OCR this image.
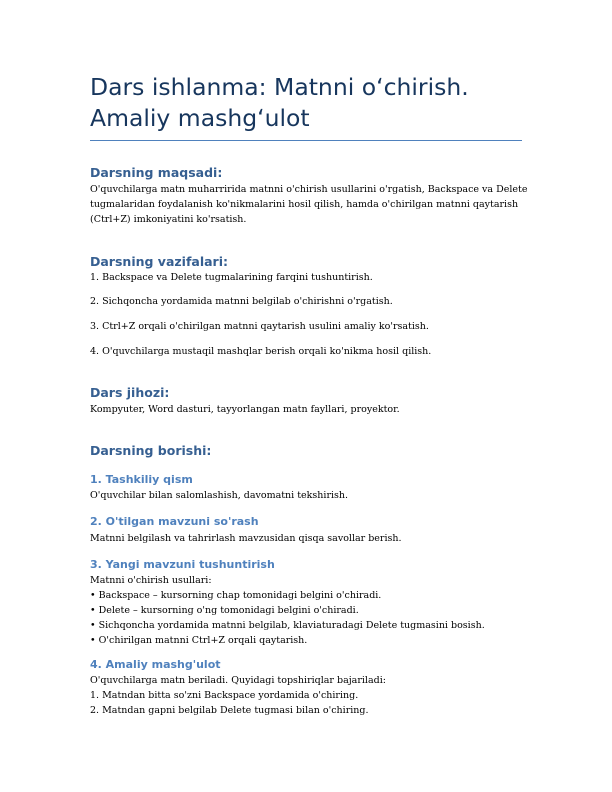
Dars ishlanma: Matnni oʻchirish. Amaliy mashgʻulot
Darsning maqsadi:
O'quvchilarga matn muharririda matnni o'chirish usullarini o'rgatish, Backspace va Delete
tugmalaridan foydalanish ko'nikmalarini hosil qilish, hamda o'chirilgan matnni qaytarish
(Ctrl+Z) imkoniyatini ko'rsatish.
Darsning vazifalari:
1. Backspace va Delete tugmalarining farqini tushuntirish.
2. Sichqoncha yordamida matnni belgilab o'chirishni o'rgatish.
3. Ctrl+Z orqali o'chirilgan matnni qaytarish usulini amaliy ko'rsatish.
4. O'quvchilarga mustaqil mashqlar berish orqali ko'nikma hosil qilish.
Dars jihozi:
Kompyuter, Word dasturi, tayyorlangan matn fayllari, proyektor.
Darsning borishi:
1. Tashkiliy qism
O'quvchilar bilan salomlashish, davomatni tekshirish.
2. O'tilgan mavzuni so'rash
Matnni belgilash va tahrirlash mavzusidan qisqa savollar berish.
3. Yangi mavzuni tushuntirish
Matnni o'chirish usullari:
• Backspace – kursorning chap tomonidagi belgini o'chiradi.
• Delete – kursorning o'ng tomonidagi belgini o'chiradi.
• Sichqoncha yordamida matnni belgilab, klaviaturadagi Delete tugmasini bosish.
• O'chirilgan matnni Ctrl+Z orqali qaytarish.
4. Amaliy mashg'ulot
O'quvchilarga matn beriladi. Quyidagi topshiriqlar bajariladi:
1. Matndan bitta so'zni Backspace yordamida o'chiring.
2. Matndan gapni belgilab Delete tugmasi bilan o'chiring.
